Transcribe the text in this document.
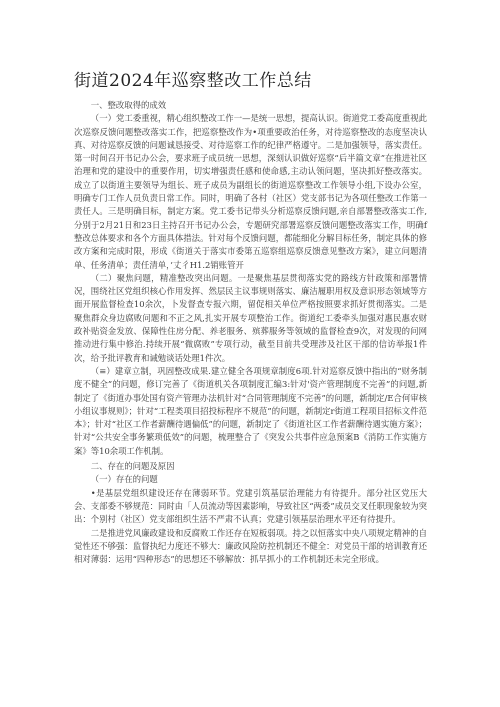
街道2024年巡察整改工作总结

一、整改取得的成效

（一）党工委重视，精心组织整改工作一—是统一思想，提高认识。街道党工委高度重视此次巡察反馈问题整改落实工作，把巡察整改作为•项重要政治任务，对待巡察整改的态度坚决认真、对待巡察反馈的问题诚恳接受、对待巡察工作的纪律严格遵守。二是加强领导，落实责任。第一时间召开书记办公会，要求班子成员统一思想，深刻认识做好巡察“后半篇文章”在推进社区治理和党的建设中的重要作用，切实增强责任感和使命感,主动认领问题，坚决抓好整改落实。成立了以街道主要领导为组长、班子成员为副组长的街道巡察整改工作领导小组,下设办公室，明确专门工作人员负责日常工作。同时，明确了各村（社区）党支部书记为各项任整改工作第一责任人。三是明确目标，制定方案。党工委书记带头分析巡察反馈问题,亲自部署整改落实工作,分别于2月21日和23日主持召开书记办公会，专题研究部署巡察反馈问题整改落实工作，明确f整改总体要求和各个方面具体措法。针对每个反馈问题，都能细化分解目标任务，制定具体的修改方案和完成时限，形成《街道关于落实市委第五巡察组巡察反馈意见整改方案》，建立问题清单、任务清单；责任清单，’丈彳H1.2销账管开

（二）聚焦问题，精准整改突出问题。一是聚焦基层贯彻落实党的路线方针政策和部署情况，围绕社区党组织核心作用发挥、然层民主议事规则落实、廉洁履职用权及意识形态领域等方面开展监督检查10余次，卜发督查专报六期，留促相关单位严格按照要求抓好贯彻落实。二是聚焦群众身边腐败问题和不正之风,扎实开展专项整治工作。街道纪工委牵头加强对惠民惠农财政补贴资金发放、保障性住房分配、养老服务、殡葬服务等领域的监督检查9次，对发现的问网推动进行集中修治.持续开展“微腐败”专项行动，截至目前共受理涉及社区干部的信访举报1件次，给予批评教育和诫勉谈话处理1件次。

（≡）建章立制，巩固整改成果.建立健全各项规章制度6项.针对巡察反馈中指出的“财务制度不健全”的问题，修订完善了《街道机关各项制度汇编3:针对'资产管理制度不完善”的问题,新制定了《街道办事处国有资产管理办法机针对“合同管理制度不完善”的问题，新制定/E合何审核小组议事规则》；针对“工程类项目招投标程序不规范”的问题，新制定r街道工程项目招标文件范本》；针对“社区工作者薪酬待遇偏低”的问题，新制定了《街道社区工作者薪酬待遇实施方案》；针对“公共安全事务繁琐低效”的问题，梳理整合了《突发公共事件应急预案B《消防工作实施方案》等10余项工作机制。

二、存在的问题及原因

（一）存在的问题

•是基层党组织建设还存在薄弱环节。党建引筑基层治理能力有待提升。部分社区党压大会、支部委不够规范：同时由「人员流动等因素影响，导致社区“两委”成员交叉任职现象较为突出：个别村（社区）党支部组织生活不严肃不认真；党建引领基层治理水平还有待提升。

二是推进党风廉政建设和反腐败工作还存在短板弱项。持之以恒落实中央八项规定精神的自觉性还不够强：监督执纪力度还不够大：廉政风险防控机制还不健全：对党员干部的培训教育还相对薄弱：运用“四种形态”的思想还不够解放：抓早抓小的工作机制还未完全形成。
